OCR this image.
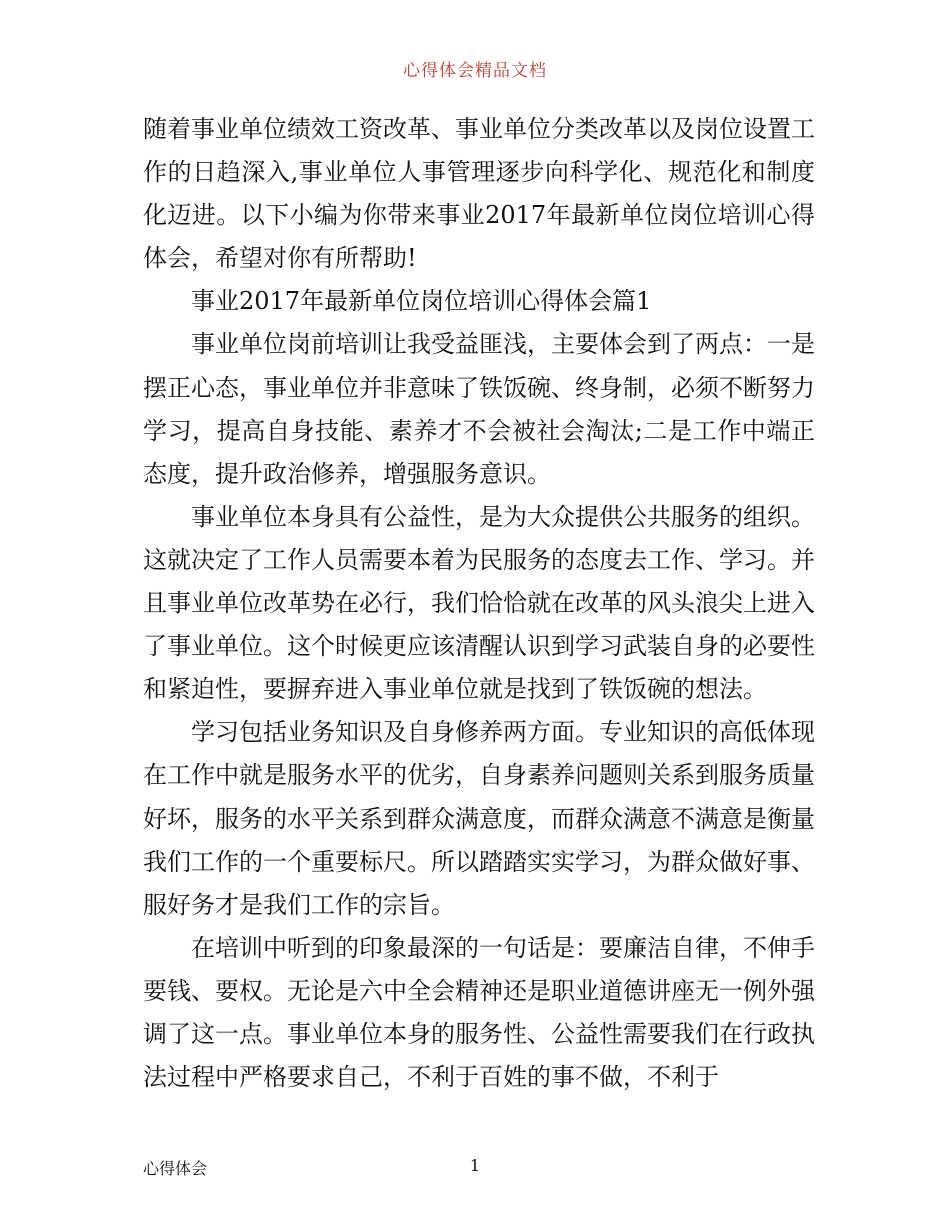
心得体会精品文档

随着事业单位绩效工资改革、事业单位分类改革以及岗位设置工作的日趋深入,事业单位人事管理逐步向科学化、规范化和制度化迈进。以下小编为你带来事业2017年最新单位岗位培训心得体会，希望对你有所帮助!

事业2017年最新单位岗位培训心得体会篇1

事业单位岗前培训让我受益匪浅，主要体会到了两点：一是摆正心态，事业单位并非意味了铁饭碗、终身制，必须不断努力学习，提高自身技能、素养才不会被社会淘汰;二是工作中端正态度，提升政治修养，增强服务意识。

事业单位本身具有公益性，是为大众提供公共服务的组织。这就决定了工作人员需要本着为民服务的态度去工作、学习。并且事业单位改革势在必行，我们恰恰就在改革的风头浪尖上进入了事业单位。这个时候更应该清醒认识到学习武装自身的必要性和紧迫性，要摒弃进入事业单位就是找到了铁饭碗的想法。

学习包括业务知识及自身修养两方面。专业知识的高低体现在工作中就是服务水平的优劣，自身素养问题则关系到服务质量好坏，服务的水平关系到群众满意度，而群众满意不满意是衡量我们工作的一个重要标尺。所以踏踏实实学习，为群众做好事、服好务才是我们工作的宗旨。

在培训中听到的印象最深的一句话是：要廉洁自律，不伸手要钱、要权。无论是六中全会精神还是职业道德讲座无一例外强调了这一点。事业单位本身的服务性、公益性需要我们在行政执法过程中严格要求自己，不利于百姓的事不做，不利于

心得体会	1
